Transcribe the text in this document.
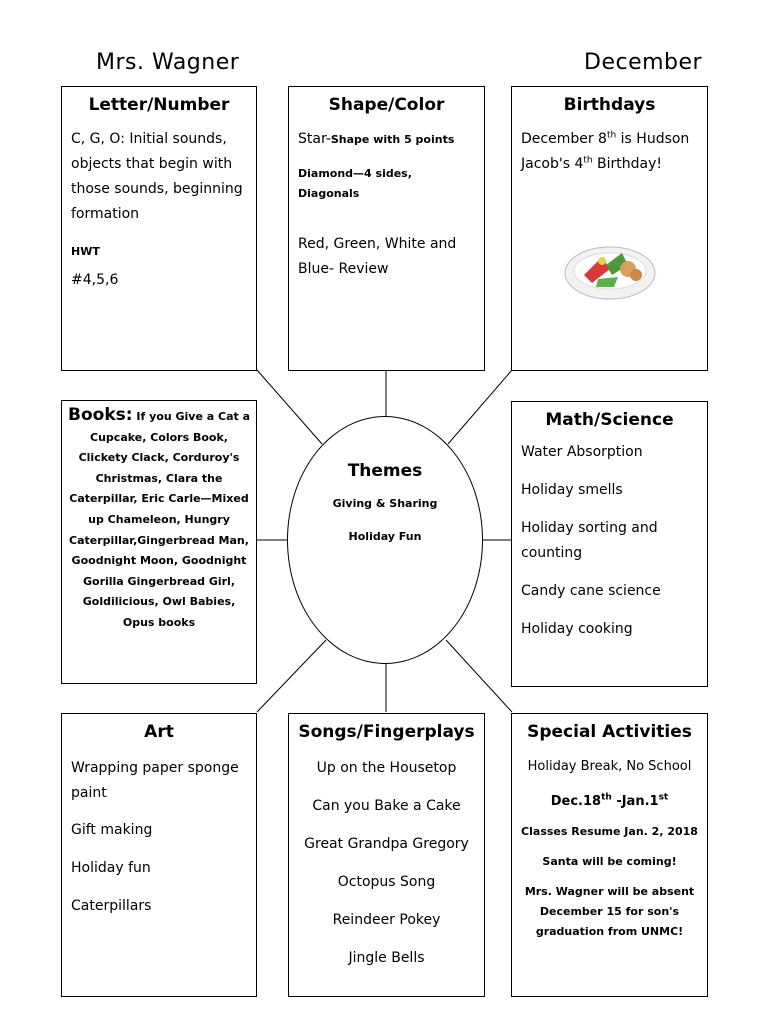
Mrs. Wagner	December
Letter/Number
C, G, O: Initial sounds, objects that begin with those sounds, beginning formation
HWT
#4,5,6
Shape/Color
Star-Shape with 5 points
Diamond—4 sides, Diagonals
Red, Green, White and Blue- Review
Birthdays
December 8th is Hudson Jacob's 4th Birthday!
Books: If you Give a Cat a Cupcake, Colors Book, Clickety Clack, Corduroy's Christmas, Clara the Caterpillar, Eric Carle—Mixed up Chameleon, Hungry Caterpillar,Gingerbread Man, Goodnight Moon, Goodnight Gorilla Gingerbread Girl, Goldilicious, Owl Babies, Opus books
Themes
Giving & Sharing
Holiday Fun
Math/Science
Water Absorption
Holiday smells
Holiday sorting and counting
Candy cane science
Holiday cooking
Art
Wrapping paper sponge paint
Gift making
Holiday fun
Caterpillars
Songs/Fingerplays
Up on the Housetop
Can you Bake a Cake
Great Grandpa Gregory
Octopus Song
Reindeer Pokey
Jingle Bells
Special Activities
Holiday Break, No School
Dec.18th -Jan.1st
Classes Resume Jan. 2, 2018
Santa will be coming!
Mrs. Wagner will be absent December 15 for son's graduation from UNMC!
